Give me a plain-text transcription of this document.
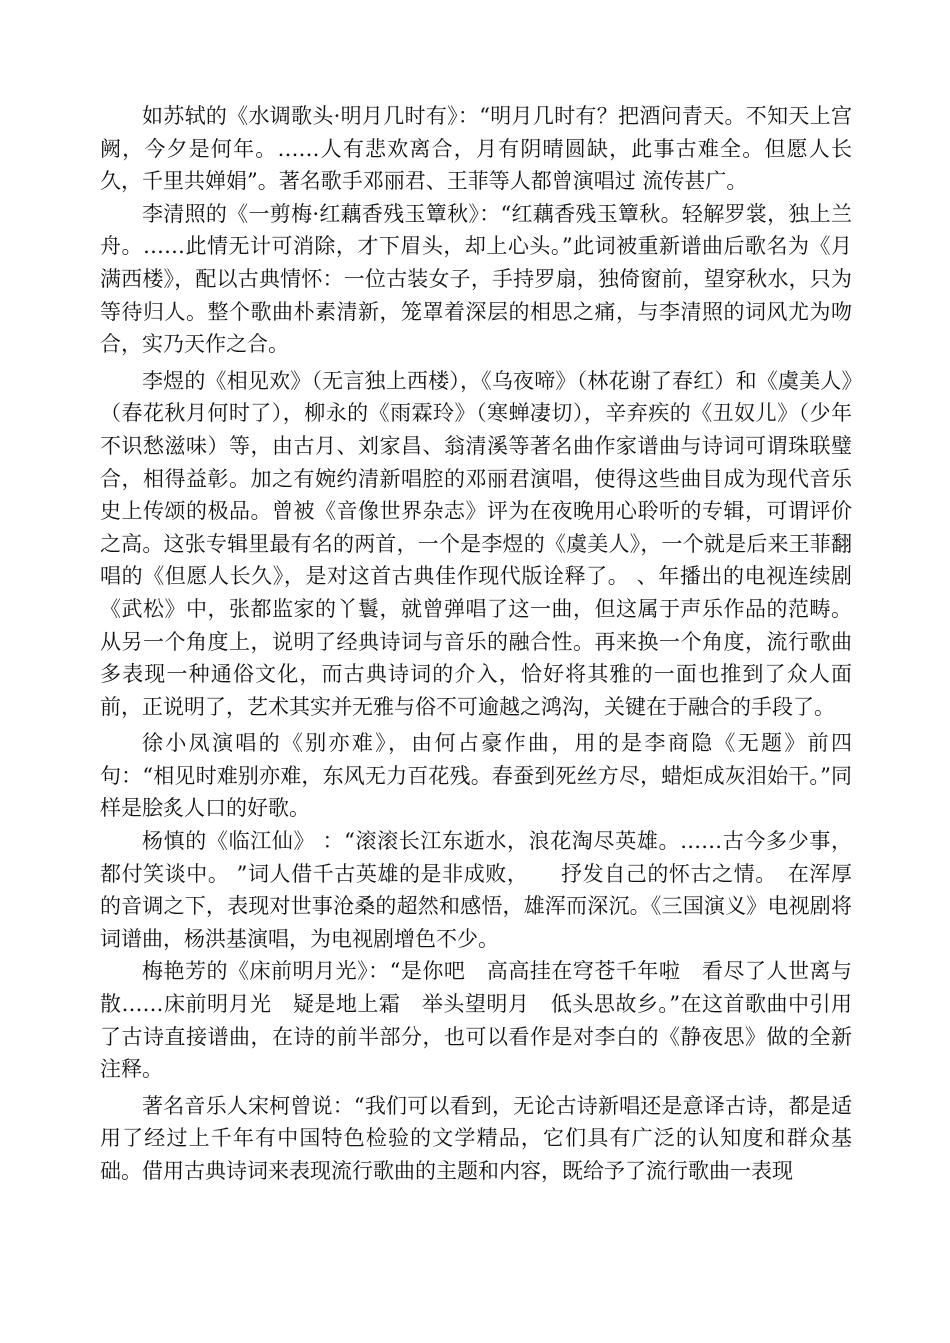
如苏轼的《水调歌头·明月几时有》：“明月几时有？把酒问青天。不知天上宫阙，今夕是何年。……人有悲欢离合，月有阴晴圆缺，此事古难全。但愿人长久，千里共婵娟”。著名歌手邓丽君、王菲等人都曾演唱过 流传甚广。

李清照的《一剪梅·红藕香残玉簟秋》：“红藕香残玉簟秋。轻解罗裳，独上兰舟。……此情无计可消除，才下眉头，却上心头。”此词被重新谱曲后歌名为《月满西楼》，配以古典情怀：一位古装女子，手持罗扇，独倚窗前，望穿秋水，只为等待归人。整个歌曲朴素清新，笼罩着深层的相思之痛，与李清照的词风尤为吻合，实乃天作之合。

李煜的《相见欢》（无言独上西楼），《乌夜啼》（林花谢了春红）和《虞美人》（春花秋月何时了），柳永的《雨霖玲》（寒蝉凄切），辛弃疾的《丑奴儿》（少年不识愁滋味）等，由古月、刘家昌、翁清溪等著名曲作家谱曲与诗词可谓珠联璧合，相得益彰。加之有婉约清新唱腔的邓丽君演唱，使得这些曲目成为现代音乐史上传颂的极品。曾被《音像世界杂志》评为在夜晚用心聆听的专辑，可谓评价之高。这张专辑里最有名的两首，一个是李煜的《虞美人》，一个就是后来王菲翻唱的《但愿人长久》，是对这首古典佳作现代版诠释了。 、年播出的电视连续剧《武松》中，张都监家的丫鬟，就曾弹唱了这一曲，但这属于声乐作品的范畴。从另一个角度上，说明了经典诗词与音乐的融合性。再来换一个角度，流行歌曲多表现一种通俗文化，而古典诗词的介入，恰好将其雅的一面也推到了众人面前，正说明了，艺术其实并无雅与俗不可逾越之鸿沟，关键在于融合的手段了。

徐小凤演唱的《别亦难》，由何占豪作曲，用的是李商隐《无题》前四句：“相见时难别亦难，东风无力百花残。春蚕到死丝方尽，蜡炬成灰泪始干。”同样是脍炙人口的好歌。

杨慎的《临江仙》 ：“滚滚长江东逝水，浪花淘尽英雄。……古今多少事，都付笑谈中。 ”词人借千古英雄的是非成败，　　抒发自己的怀古之情。　在浑厚的音调之下，表现对世事沧桑的超然和感悟，雄浑而深沉。《三国演义》电视剧将词谱曲，杨洪基演唱，为电视剧增色不少。

梅艳芳的《床前明月光》：“是你吧　高高挂在穹苍千年啦　看尽了人世离与散……床前明月光　疑是地上霜　举头望明月　低头思故乡。”在这首歌曲中引用了古诗直接谱曲，在诗的前半部分，也可以看作是对李白的《静夜思》做的全新注释。

著名音乐人宋柯曾说：“我们可以看到，无论古诗新唱还是意译古诗，都是适用了经过上千年有中国特色检验的文学精品，它们具有广泛的认知度和群众基础。借用古典诗词来表现流行歌曲的主题和内容，既给予了流行歌曲一表现
